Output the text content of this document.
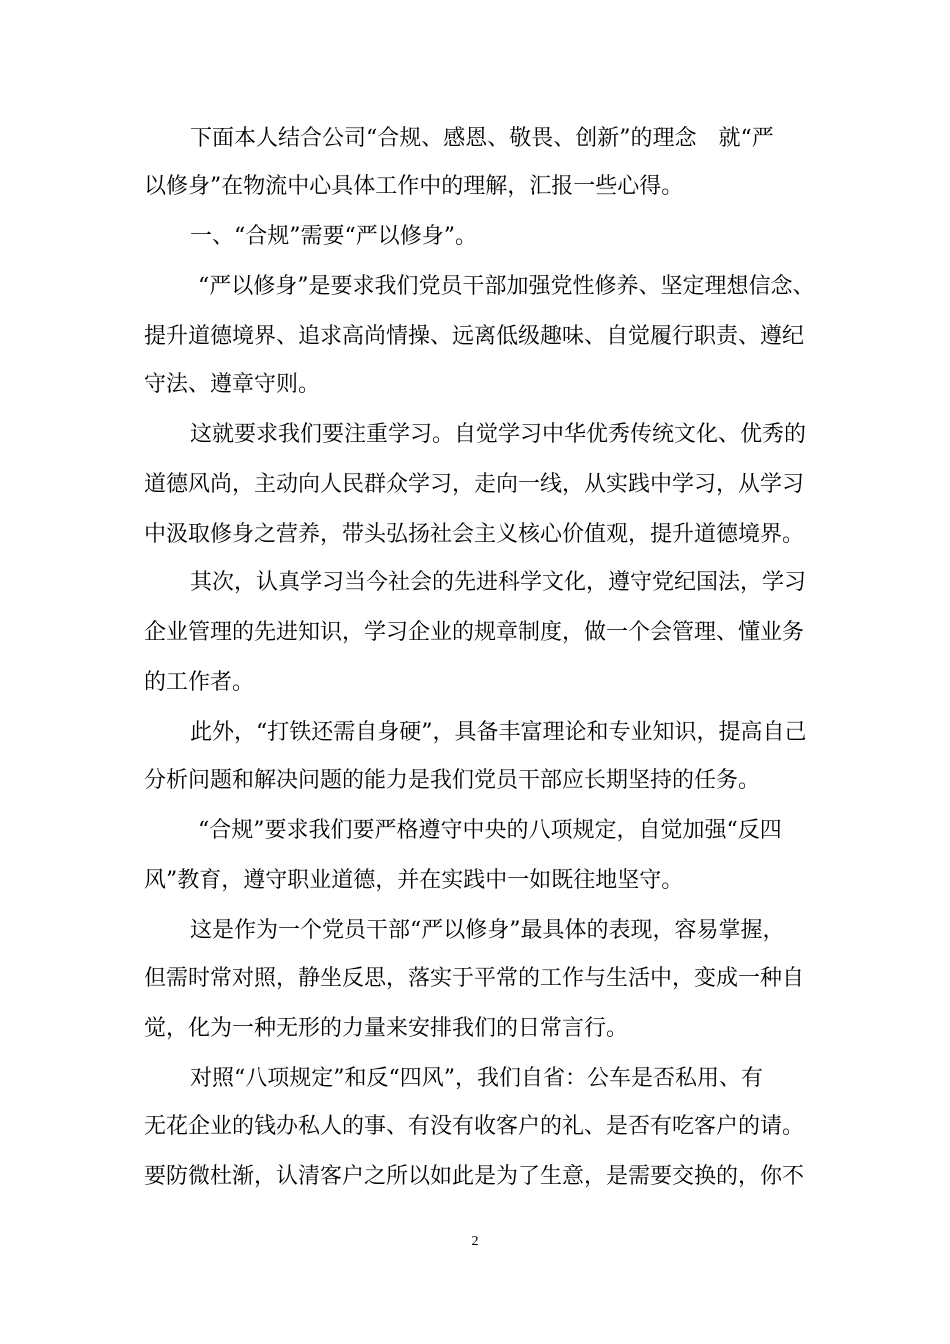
下面本人结合公司“合规、感恩、敬畏、创新”的理念　就“严
以修身”在物流中心具体工作中的理解，汇报一些心得。
一、“合规”需要“严以修身”。
“严以修身”是要求我们党员干部加强党性修养、坚定理想信念、
提升道德境界、追求高尚情操、远离低级趣味、自觉履行职责、遵纪
守法、遵章守则。
这就要求我们要注重学习。自觉学习中华优秀传统文化、优秀的
道德风尚，主动向人民群众学习，走向一线，从实践中学习，从学习
中汲取修身之营养，带头弘扬社会主义核心价值观，提升道德境界。
其次，认真学习当今社会的先进科学文化，遵守党纪国法，学习
企业管理的先进知识，学习企业的规章制度，做一个会管理、懂业务
的工作者。
此外，“打铁还需自身硬”，具备丰富理论和专业知识，提高自己
分析问题和解决问题的能力是我们党员干部应长期坚持的任务。
“合规”要求我们要严格遵守中央的八项规定，自觉加强“反四
风”教育，遵守职业道德，并在实践中一如既往地坚守。
这是作为一个党员干部“严以修身”最具体的表现，容易掌握，
但需时常对照，静坐反思，落实于平常的工作与生活中，变成一种自
觉，化为一种无形的力量来安排我们的日常言行。
对照“八项规定”和反“四风”，我们自省：公车是否私用、有
无花企业的钱办私人的事、有没有收客户的礼、是否有吃客户的请。
要防微杜渐，认清客户之所以如此是为了生意，是需要交换的，你不
2
